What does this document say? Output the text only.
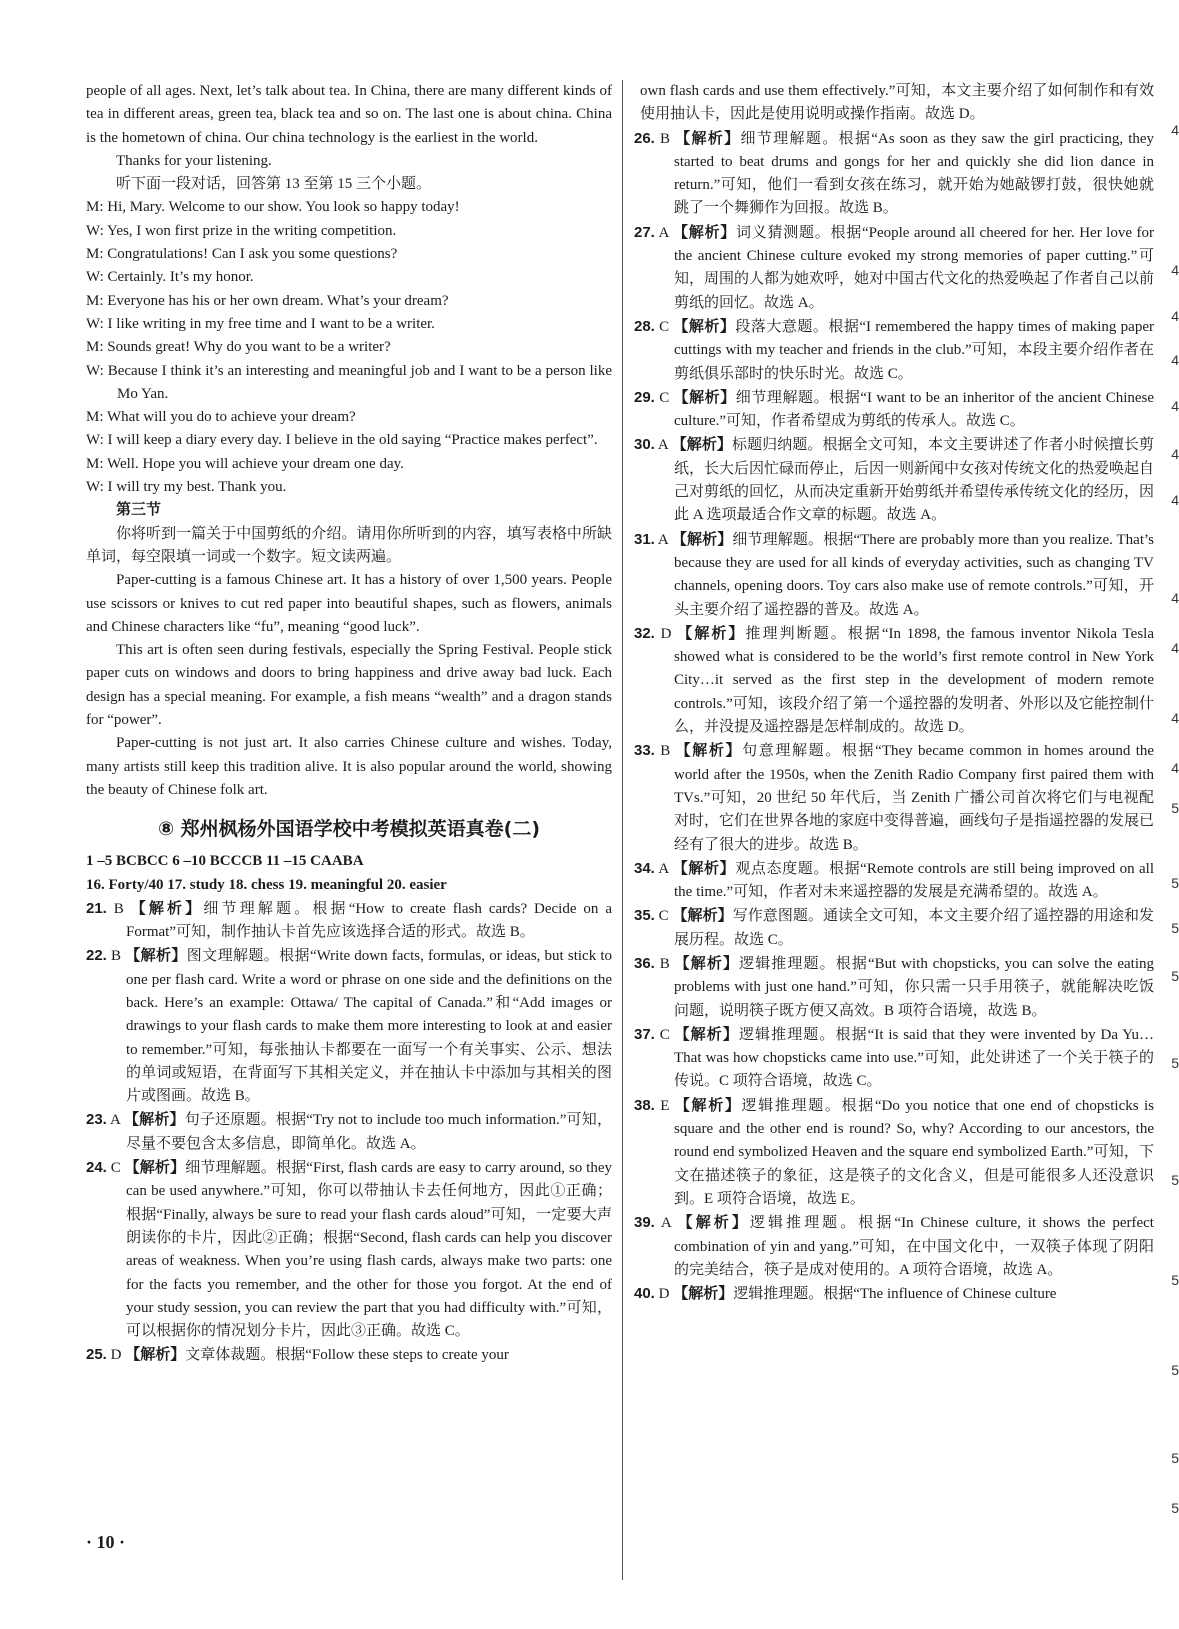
people of all ages. Next, let’s talk about tea. In China, there are many different kinds of tea in different areas, green tea, black tea and so on. The last one is about china. China is the hometown of china. Our china technology is the earliest in the world.

Thanks for your listening.

听下面一段对话，回答第 13 至第 15 三个小题。

M: Hi, Mary. Welcome to our show. You look so happy today!

W: Yes, I won first prize in the writing competition.

M: Congratulations! Can I ask you some questions?

W: Certainly. It’s my honor.

M: Everyone has his or her own dream. What’s your dream?

W: I like writing in my free time and I want to be a writer.

M: Sounds great! Why do you want to be a writer?

W: Because I think it’s an interesting and meaningful job and I want to be a person like Mo Yan.

M: What will you do to achieve your dream?

W: I will keep a diary every day. I believe in the old saying “Practice makes perfect”.

M: Well. Hope you will achieve your dream one day.

W: I will try my best. Thank you.

第三节

你将听到一篇关于中国剪纸的介绍。请用你所听到的内容，填写表格中所缺单词，每空限填一词或一个数字。短文读两遍。

Paper-cutting is a famous Chinese art. It has a history of over 1,500 years. People use scissors or knives to cut red paper into beautiful shapes, such as flowers, animals and Chinese characters like “fu”, meaning “good luck”.

This art is often seen during festivals, especially the Spring Festival. People stick paper cuts on windows and doors to bring happiness and drive away bad luck. Each design has a special meaning. For example, a fish means “wealth” and a dragon stands for “power”.

Paper-cutting is not just art. It also carries Chinese culture and wishes. Today, many artists still keep this tradition alive. It is also popular around the world, showing the beauty of Chinese folk art.

⑧ 郑州枫杨外国语学校中考模拟英语真卷(二)

1 –5 BCBCC 6 –10 BCCCB 11 –15 CAABA

16. Forty/40 17. study 18. chess 19. meaningful 20. easier

21. B 【解析】细节理解题。根据“How to create flash cards? Decide on a Format”可知，制作抽认卡首先应该选择合适的形式。故选 B。

22. B 【解析】图文理解题。根据“Write down facts, formulas, or ideas, but stick to one per flash card. Write a word or phrase on one side and the definitions on the back. Here’s an example: Ottawa/ The capital of Canada.”和“Add images or drawings to your flash cards to make them more interesting to look at and easier to remember.”可知，每张抽认卡都要在一面写一个有关事实、公示、想法的单词或短语，在背面写下其相关定义，并在抽认卡中添加与其相关的图片或图画。故选 B。

23. A 【解析】句子还原题。根据“Try not to include too much information.”可知，尽量不要包含太多信息，即简单化。故选 A。

24. C 【解析】细节理解题。根据“First, flash cards are easy to carry around, so they can be used anywhere.”可知，你可以带抽认卡去任何地方，因此①正确；根据“Finally, always be sure to read your flash cards aloud”可知，一定要大声朗读你的卡片，因此②正确；根据“Second, flash cards can help you discover areas of weakness. When you’re using flash cards, always make two parts: one for the facts you remember, and the other for those you forgot. At the end of your study session, you can review the part that you had difficulty with.”可知，可以根据你的情况划分卡片，因此③正确。故选 C。

25. D 【解析】文章体裁题。根据“Follow these steps to create your

own flash cards and use them effectively.”可知，本文主要介绍了如何制作和有效使用抽认卡，因此是使用说明或操作指南。故选 D。

26. B 【解析】细节理解题。根据“As soon as they saw the girl practicing, they started to beat drums and gongs for her and quickly she did lion dance in return.”可知，他们一看到女孩在练习，就开始为她敲锣打鼓，很快她就跳了一个舞狮作为回报。故选 B。

27. A 【解析】词义猜测题。根据“People around all cheered for her. Her love for the ancient Chinese culture evoked my strong memories of paper cutting.”可知，周围的人都为她欢呼，她对中国古代文化的热爱唤起了作者自己以前剪纸的回忆。故选 A。

28. C 【解析】段落大意题。根据“I remembered the happy times of making paper cuttings with my teacher and friends in the club.”可知，本段主要介绍作者在剪纸俱乐部时的快乐时光。故选 C。

29. C 【解析】细节理解题。根据“I want to be an inheritor of the ancient Chinese culture.”可知，作者希望成为剪纸的传承人。故选 C。

30. A 【解析】标题归纳题。根据全文可知，本文主要讲述了作者小时候擅长剪纸，长大后因忙碌而停止，后因一则新闻中女孩对传统文化的热爱唤起自己对剪纸的回忆，从而决定重新开始剪纸并希望传承传统文化的经历，因此 A 选项最适合作文章的标题。故选 A。

31. A 【解析】细节理解题。根据“There are probably more than you realize. That’s because they are used for all kinds of everyday activities, such as changing TV channels, opening doors. Toy cars also make use of remote controls.”可知，开头主要介绍了遥控器的普及。故选 A。

32. D 【解析】推理判断题。根据“In 1898, the famous inventor Nikola Tesla showed what is considered to be the world’s first remote control in New York City…it served as the first step in the development of modern remote controls.”可知，该段介绍了第一个遥控器的发明者、外形以及它能控制什么，并没提及遥控器是怎样制成的。故选 D。

33. B 【解析】句意理解题。根据“They became common in homes around the world after the 1950s, when the Zenith Radio Company first paired them with TVs.”可知，20 世纪 50 年代后，当 Zenith 广播公司首次将它们与电视配对时，它们在世界各地的家庭中变得普遍，画线句子是指遥控器的发展已经有了很大的进步。故选 B。

34. A 【解析】观点态度题。根据“Remote controls are still being improved on all the time.”可知，作者对未来遥控器的发展是充满希望的。故选 A。

35. C 【解析】写作意图题。通读全文可知，本文主要介绍了遥控器的用途和发展历程。故选 C。

36. B 【解析】逻辑推理题。根据“But with chopsticks, you can solve the eating problems with just one hand.”可知，你只需一只手用筷子，就能解决吃饭问题，说明筷子既方便又高效。B 项符合语境，故选 B。

37. C 【解析】逻辑推理题。根据“It is said that they were invented by Da Yu…That was how chopsticks came into use.”可知，此处讲述了一个关于筷子的传说。C 项符合语境，故选 C。

38. E 【解析】逻辑推理题。根据“Do you notice that one end of chopsticks is square and the other end is round? So, why? According to our ancestors, the round end symbolized Heaven and the square end symbolized Earth.”可知，下文在描述筷子的象征，这是筷子的文化含义，但是可能很多人还没意识到。E 项符合语境，故选 E。

39. A 【解析】逻辑推理题。根据“In Chinese culture, it shows the perfect combination of yin and yang.”可知，在中国文化中，一双筷子体现了阴阳的完美结合，筷子是成对使用的。A 项符合语境，故选 A。

40. D 【解析】逻辑推理题。根据“The influence of Chinese culture

4
4
4
4
4
4
4
4
4
4
4
5
5
5
5
5
5
5
5
5
5
· 10 ·
